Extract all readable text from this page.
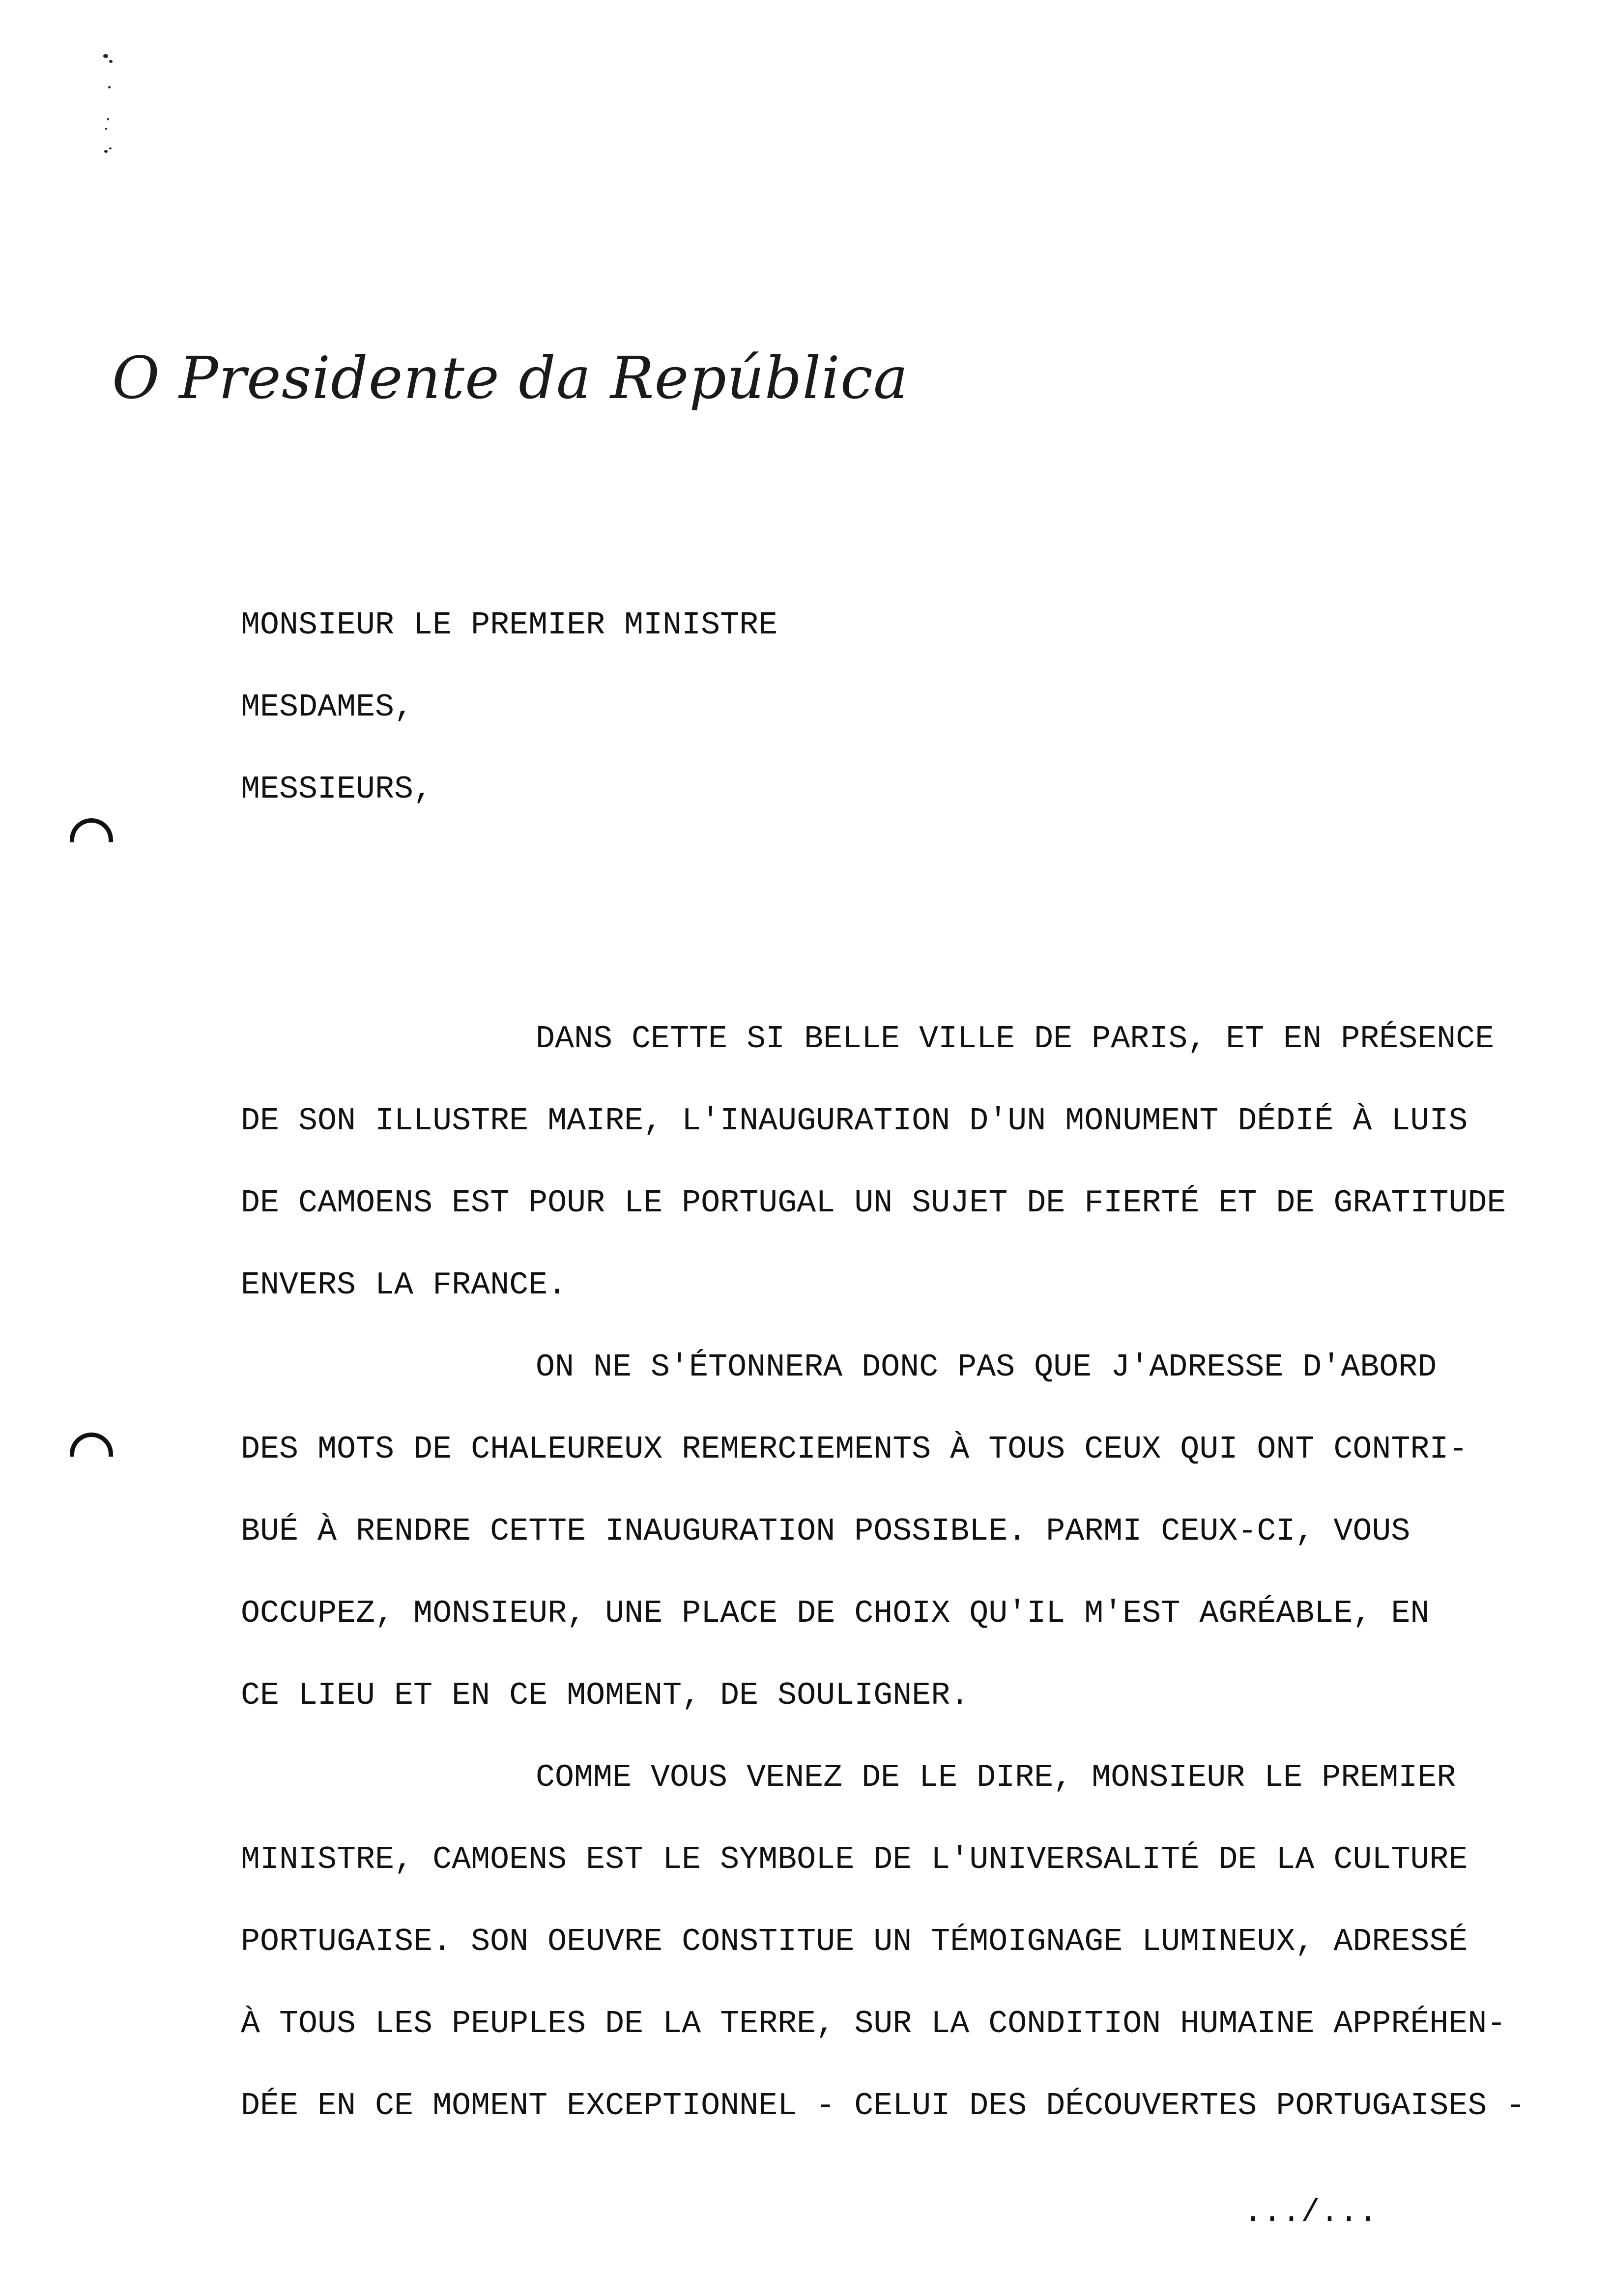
O Presidente da República
MONSIEUR LE PREMIER MINISTRE
MESDAMES,
MESSIEURS,
DANS CETTE SI BELLE VILLE DE PARIS, ET EN PRÉSENCE
DE SON ILLUSTRE MAIRE, L'INAUGURATION D'UN MONUMENT DÉDIÉ À LUIS
DE CAMOENS EST POUR LE PORTUGAL UN SUJET DE FIERTÉ ET DE GRATITUDE
ENVERS LA FRANCE.
ON NE S'ÉTONNERA DONC PAS QUE J'ADRESSE D'ABORD
DES MOTS DE CHALEUREUX REMERCIEMENTS À TOUS CEUX QUI ONT CONTRI-
BUÉ À RENDRE CETTE INAUGURATION POSSIBLE. PARMI CEUX-CI, VOUS
OCCUPEZ, MONSIEUR, UNE PLACE DE CHOIX QU'IL M'EST AGRÉABLE, EN
CE LIEU ET EN CE MOMENT, DE SOULIGNER.
COMME VOUS VENEZ DE LE DIRE, MONSIEUR LE PREMIER
MINISTRE, CAMOENS EST LE SYMBOLE DE L'UNIVERSALITÉ DE LA CULTURE
PORTUGAISE. SON OEUVRE CONSTITUE UN TÉMOIGNAGE LUMINEUX, ADRESSÉ
À TOUS LES PEUPLES DE LA TERRE, SUR LA CONDITION HUMAINE APPRÉHEN-
DÉE EN CE MOMENT EXCEPTIONNEL - CELUI DES DÉCOUVERTES PORTUGAISES -
.../...
